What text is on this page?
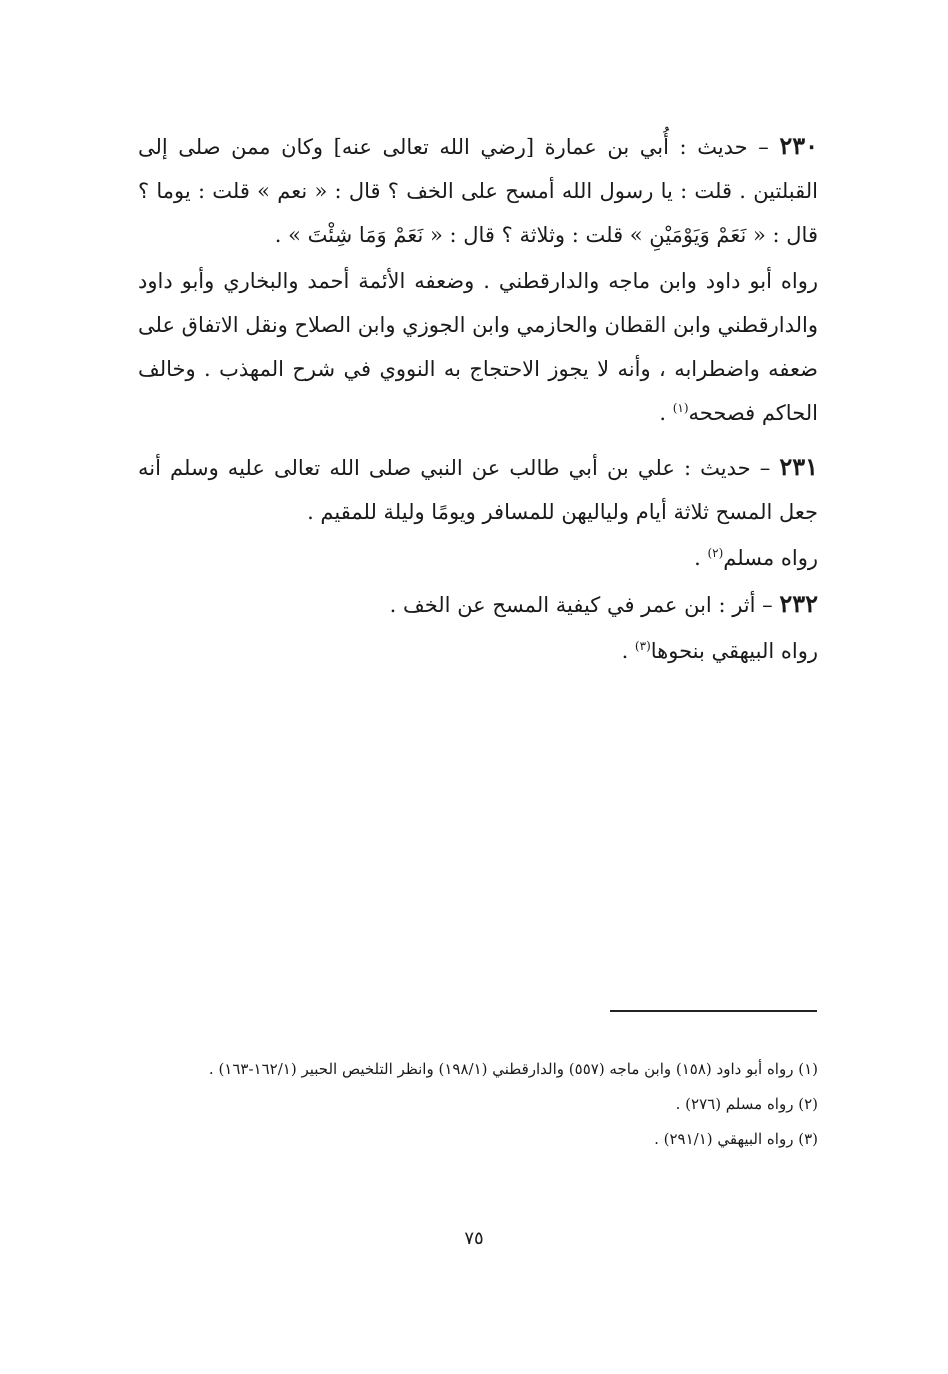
٢٣٠ – حديث : أُبي بن عمارة [رضي الله تعالى عنه] وكان ممن صلى إلى القبلتين . قلت : يا رسول الله أمسح على الخف ؟ قال : « نعم » قلت : يوما ؟ قال : « نَعَمْ وَيَوْمَيْنِ » قلت : وثلاثة ؟ قال : « نَعَمْ وَمَا شِئْتَ » .

رواه أبو داود وابن ماجه والدارقطني . وضعفه الأئمة أحمد والبخاري وأبو داود والدارقطني وابن القطان والحازمي وابن الجوزي وابن الصلاح ونقل الاتفاق على ضعفه واضطرابه ، وأنه لا يجوز الاحتجاج به النووي في شرح المهذب . وخالف الحاكم فصححه$^{(١)}$ .

٢٣١ – حديث : علي بن أبي طالب عن النبي صلى الله تعالى عليه وسلم أنه جعل المسح ثلاثة أيام ولياليهن للمسافر ويومًا وليلة للمقيم .

رواه مسلم$^{(٢)}$ .

٢٣٢ – أثر : ابن عمر في كيفية المسح عن الخف .

رواه البيهقي بنحوها$^{(٣)}$ .

(١) رواه أبو داود (١٥٨) وابن ماجه (٥٥٧) والدارقطني (١٩٨/١) وانظر التلخيص الحبير (١٦٢/١-١٦٣) .

(٢) رواه مسلم (٢٧٦) .

(٣) رواه البيهقي (٢٩١/١) .

٧٥
